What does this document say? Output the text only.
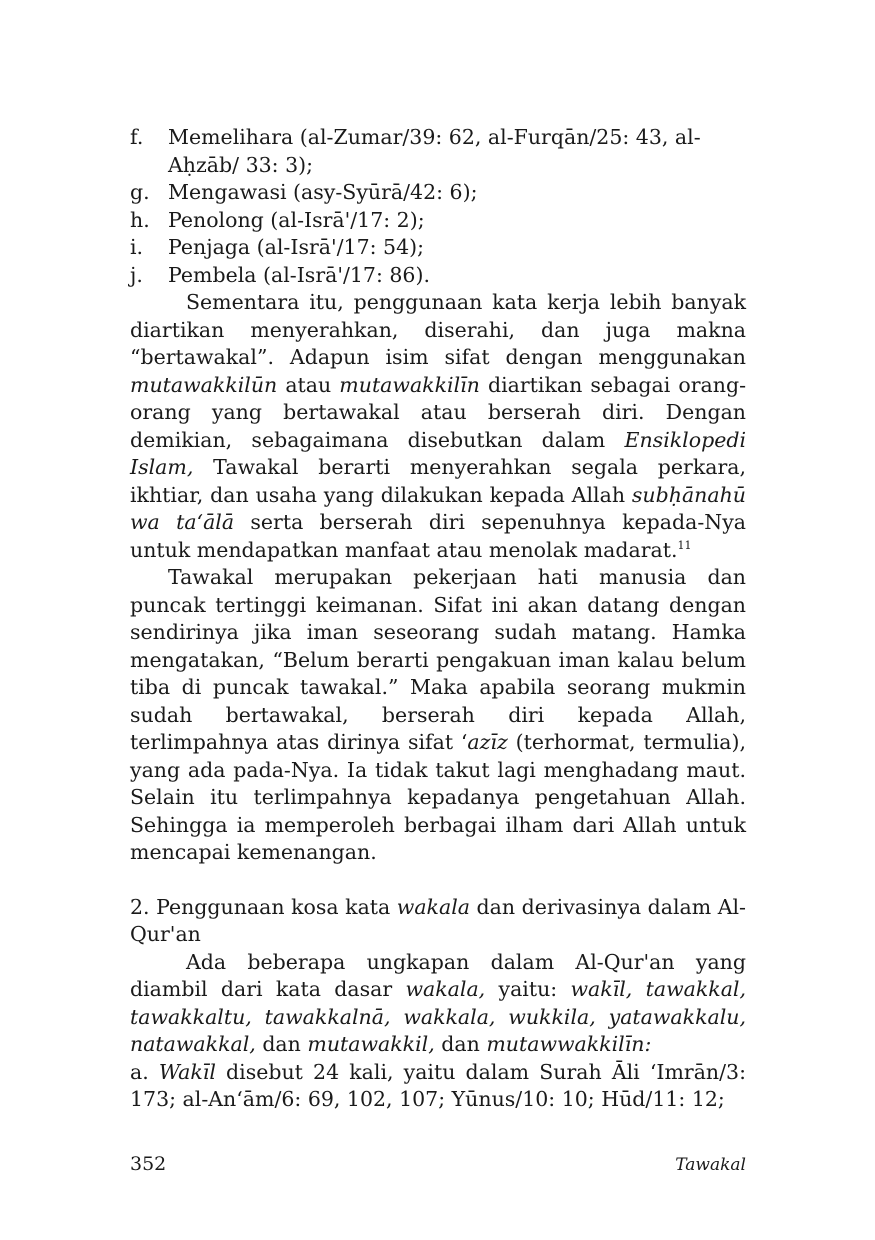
f.	Memelihara (al-Zumar/39: 62, al-Furqān/25: 43, al-Aḥzāb/ 33: 3);
g. Mengawasi (asy-Syūrā/42: 6);
h. Penolong (al-Isrā'/17: 2);
i.	Penjaga (al-Isrā'/17: 54);
j.	Pembela (al-Isrā'/17: 86).

Sementara itu, penggunaan kata kerja lebih banyak diartikan menyerahkan, diserahi, dan juga makna “bertawakal”. Adapun isim sifat dengan menggunakan mutawakkilūn atau mutawakkilīn diartikan sebagai orang-orang yang bertawakal atau berserah diri. Dengan demikian, sebagaimana disebutkan dalam Ensiklopedi Islam, Tawakal berarti menyerahkan segala perkara, ikhtiar, dan usaha yang dilakukan kepada Allah subḥānahū wa ta‘ālā serta berserah diri sepenuhnya kepada-Nya untuk mendapatkan manfaat atau menolak madarat.$^{11}$

Tawakal merupakan pekerjaan hati manusia dan puncak tertinggi keimanan. Sifat ini akan datang dengan sendirinya jika iman seseorang sudah matang. Hamka mengatakan, “Belum berarti pengakuan iman kalau belum tiba di puncak tawakal.” Maka apabila seorang mukmin sudah bertawakal, berserah diri kepada Allah, terlimpahnya atas dirinya sifat ‘azīz (terhormat, termulia), yang ada pada-Nya. Ia tidak takut lagi menghadang maut. Selain itu terlimpahnya kepadanya pengetahuan Allah. Sehingga ia memperoleh berbagai ilham dari Allah untuk mencapai kemenangan.

2. Penggunaan kosa kata wakala dan derivasinya dalam Al-Qur'an

Ada beberapa ungkapan dalam Al-Qur'an yang diambil dari kata dasar wakala, yaitu: wakīl, tawakkal, tawakkaltu, tawakkalnā, wakkala, wukkila, yatawakkalu, natawakkal, dan mutawakkil, dan mutawwakkilīn:

a. Wakīl disebut 24 kali, yaitu dalam Surah Āli ‘Imrān/3: 173; al-An‘ām/6: 69, 102, 107; Yūnus/10: 10; Hūd/11: 12;

352	Tawakal
